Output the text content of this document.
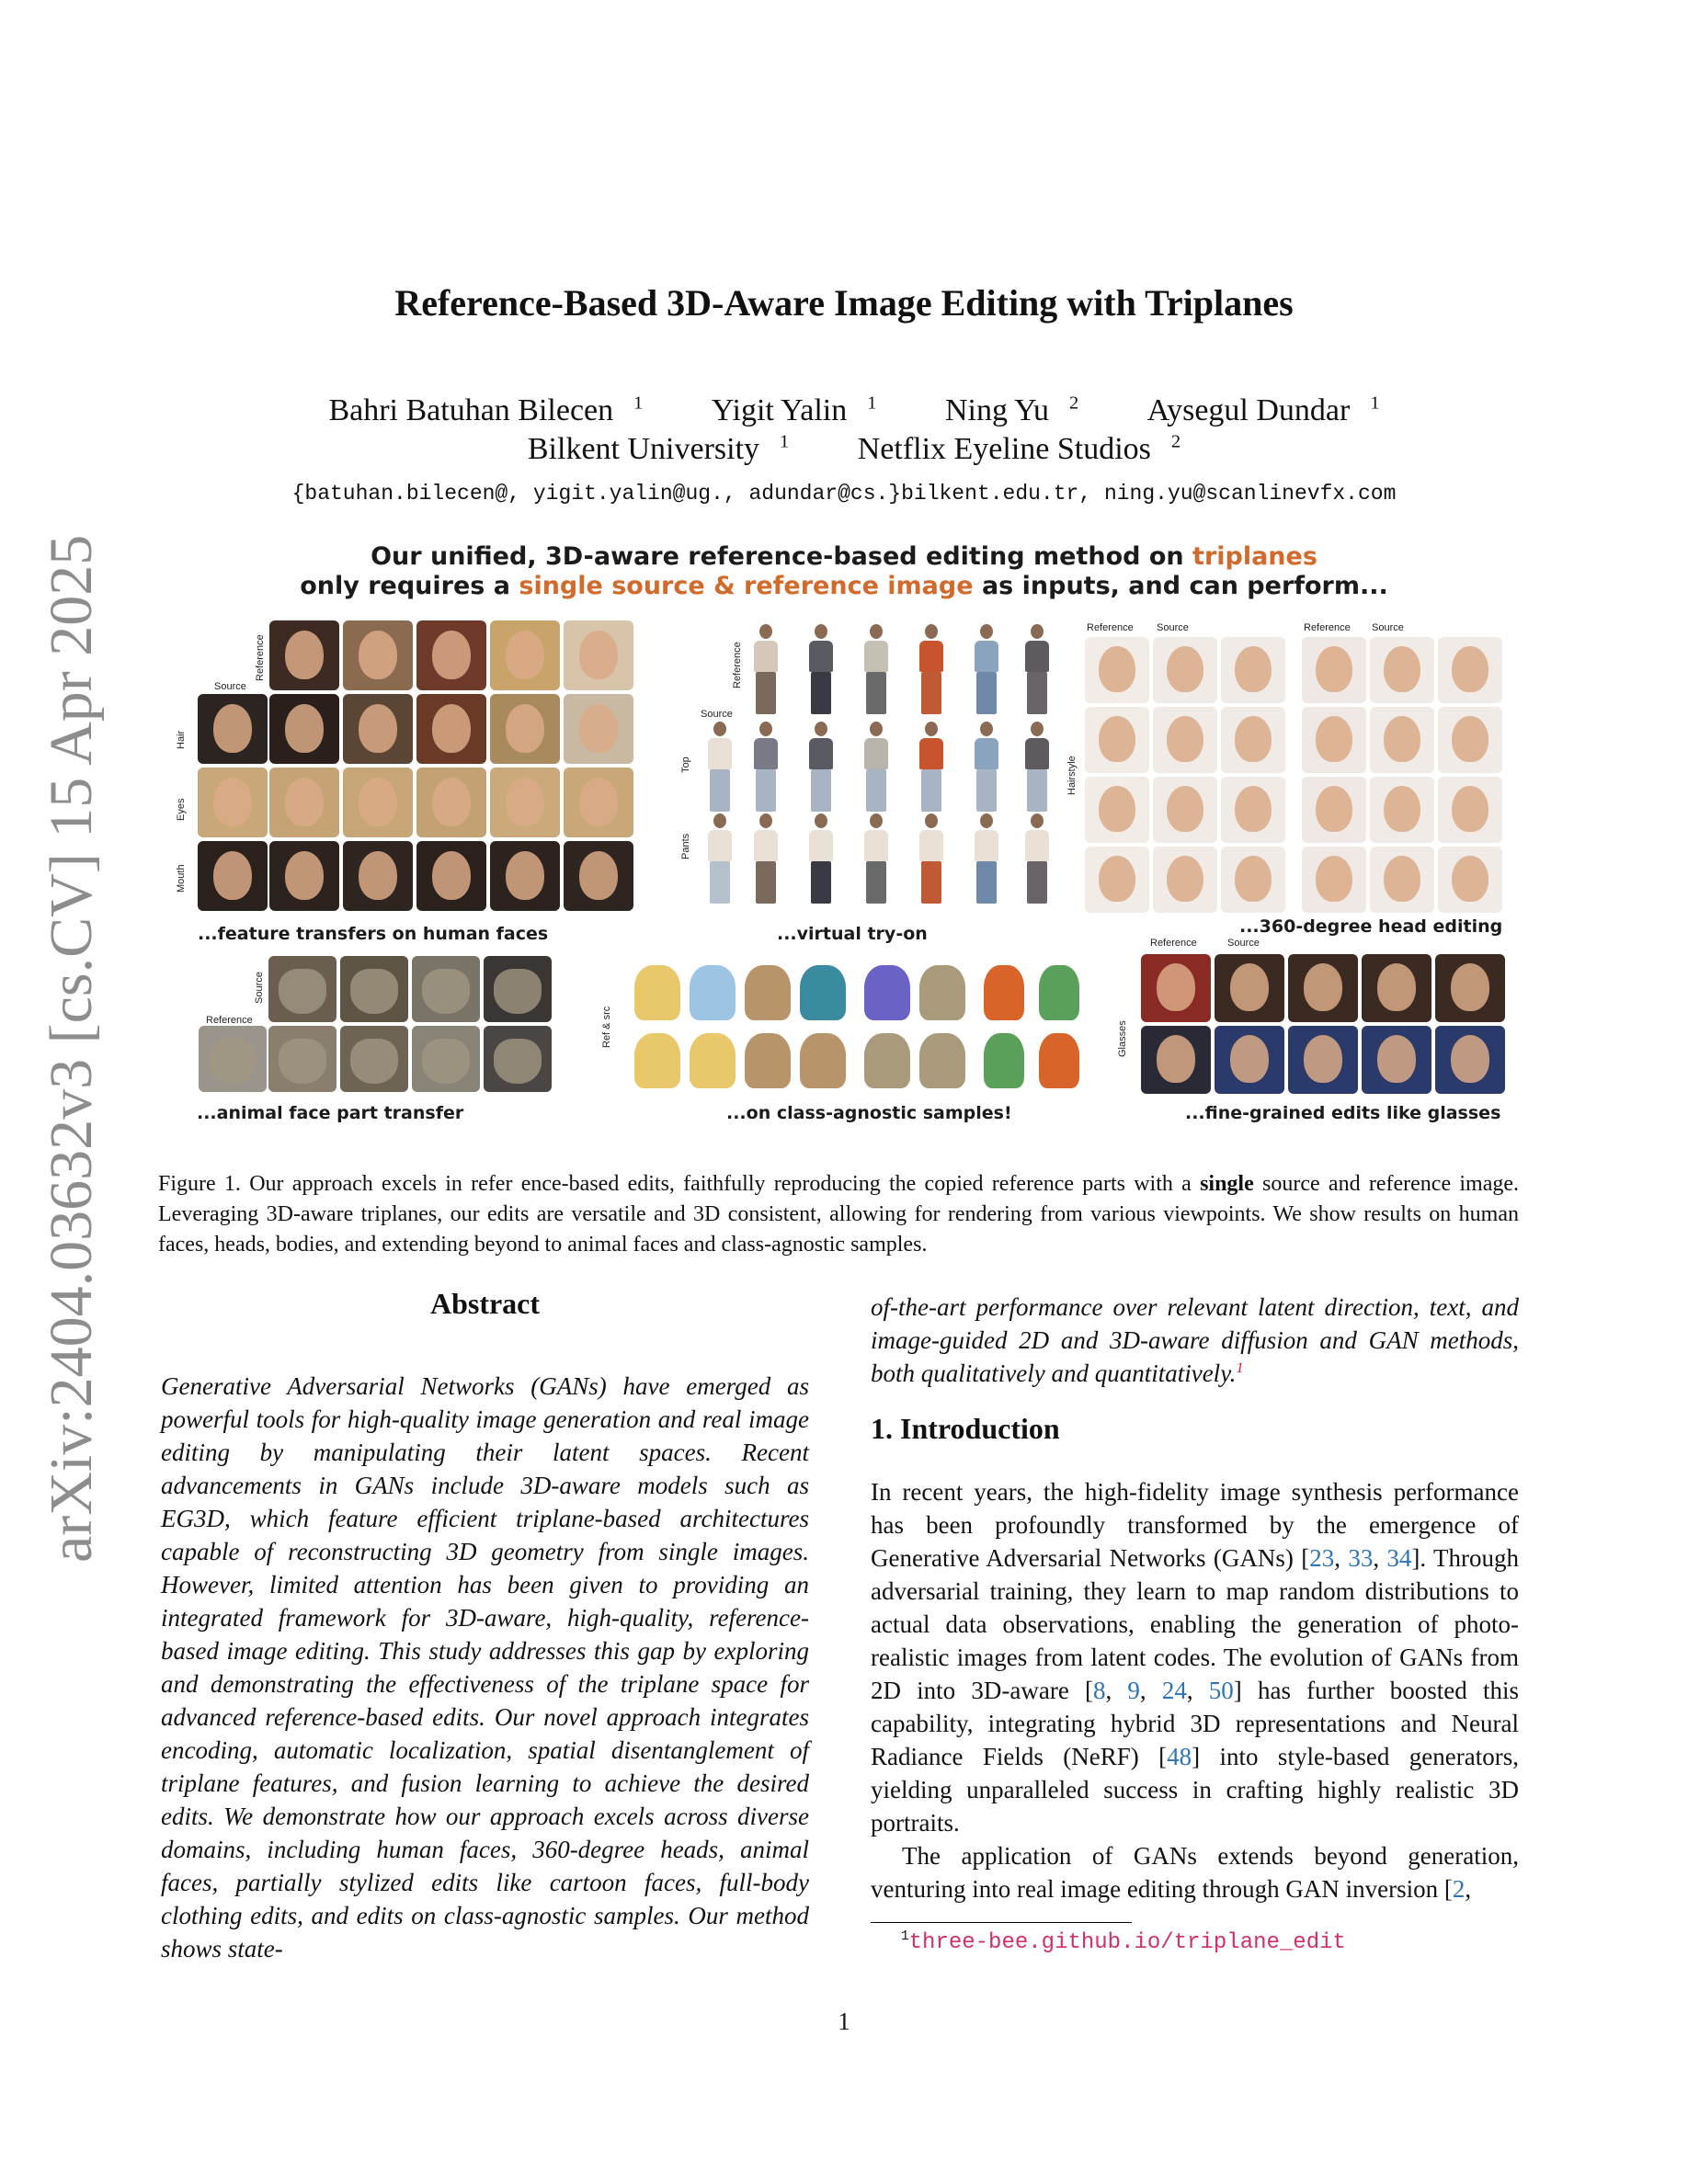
arXiv:2404.03632v3 [cs.CV] 15 Apr 2025
Reference-Based 3D-Aware Image Editing with Triplanes
Bahri Batuhan Bilecen $^1$ Yigit Yalin $^1$ Ning Yu $^2$ Aysegul Dundar $^1$
Bilkent University $^1$ Netflix Eyeline Studios $^2$
{batuhan.bilecen@, yigit.yalin@ug., adundar@cs.}bilkent.edu.tr, ning.yu@scanlinevfx.com
Our unified, 3D-aware reference-based editing method on triplanes
only requires a single source & reference image as inputs, and can perform...
Reference
Source
Hair
Eyes
Mouth
...feature transfers on human faces
Reference
Source
Top
Pants
...virtual try-on
Reference Source	Reference Source
Hairstyle
...360-degree head editing
Source
Reference
...animal face part transfer
Ref & src
...on class-agnostic samples!
Reference	Source
Glasses
...fine-grained edits like glasses
Figure 1. Our approach excels in refer ence-based edits, faithfully reproducing the copied reference parts with a single source and reference image. Leveraging 3D-aware triplanes, our edits are versatile and 3D consistent, allowing for rendering from various viewpoints. We show results on human faces, heads, bodies, and extending beyond to animal faces and class-agnostic samples.
Abstract
Generative Adversarial Networks (GANs) have emerged as powerful tools for high-quality image generation and real image editing by manipulating their latent spaces. Recent advancements in GANs include 3D-aware models such as EG3D, which feature efficient triplane-based architectures capable of reconstructing 3D geometry from single images. However, limited attention has been given to providing an integrated framework for 3D-aware, high-quality, reference-based image editing. This study addresses this gap by exploring and demonstrating the effectiveness of the triplane space for advanced reference-based edits. Our novel approach integrates encoding, automatic localization, spatial disentanglement of triplane features, and fusion learning to achieve the desired edits. We demonstrate how our approach excels across diverse domains, including human faces, 360-degree heads, animal faces, partially stylized edits like cartoon faces, full-body clothing edits, and edits on class-agnostic samples. Our method shows state-
of-the-art performance over relevant latent direction, text, and image-guided 2D and 3D-aware diffusion and GAN methods, both qualitatively and quantitatively.$^1$
1. Introduction

In recent years, the high-fidelity image synthesis performance has been profoundly transformed by the emergence of Generative Adversarial Networks (GANs) [23, 33, 34]. Through adversarial training, they learn to map random distributions to actual data observations, enabling the generation of photo-realistic images from latent codes. The evolution of GANs from 2D into 3D-aware [8, 9, 24, 50] has further boosted this capability, integrating hybrid 3D representations and Neural Radiance Fields (NeRF) [48] into style-based generators, yielding unparalleled success in crafting highly realistic 3D portraits.

The application of GANs extends beyond generation, venturing into real image editing through GAN inversion [2,

$^1$three-bee.github.io/triplane_edit
1
